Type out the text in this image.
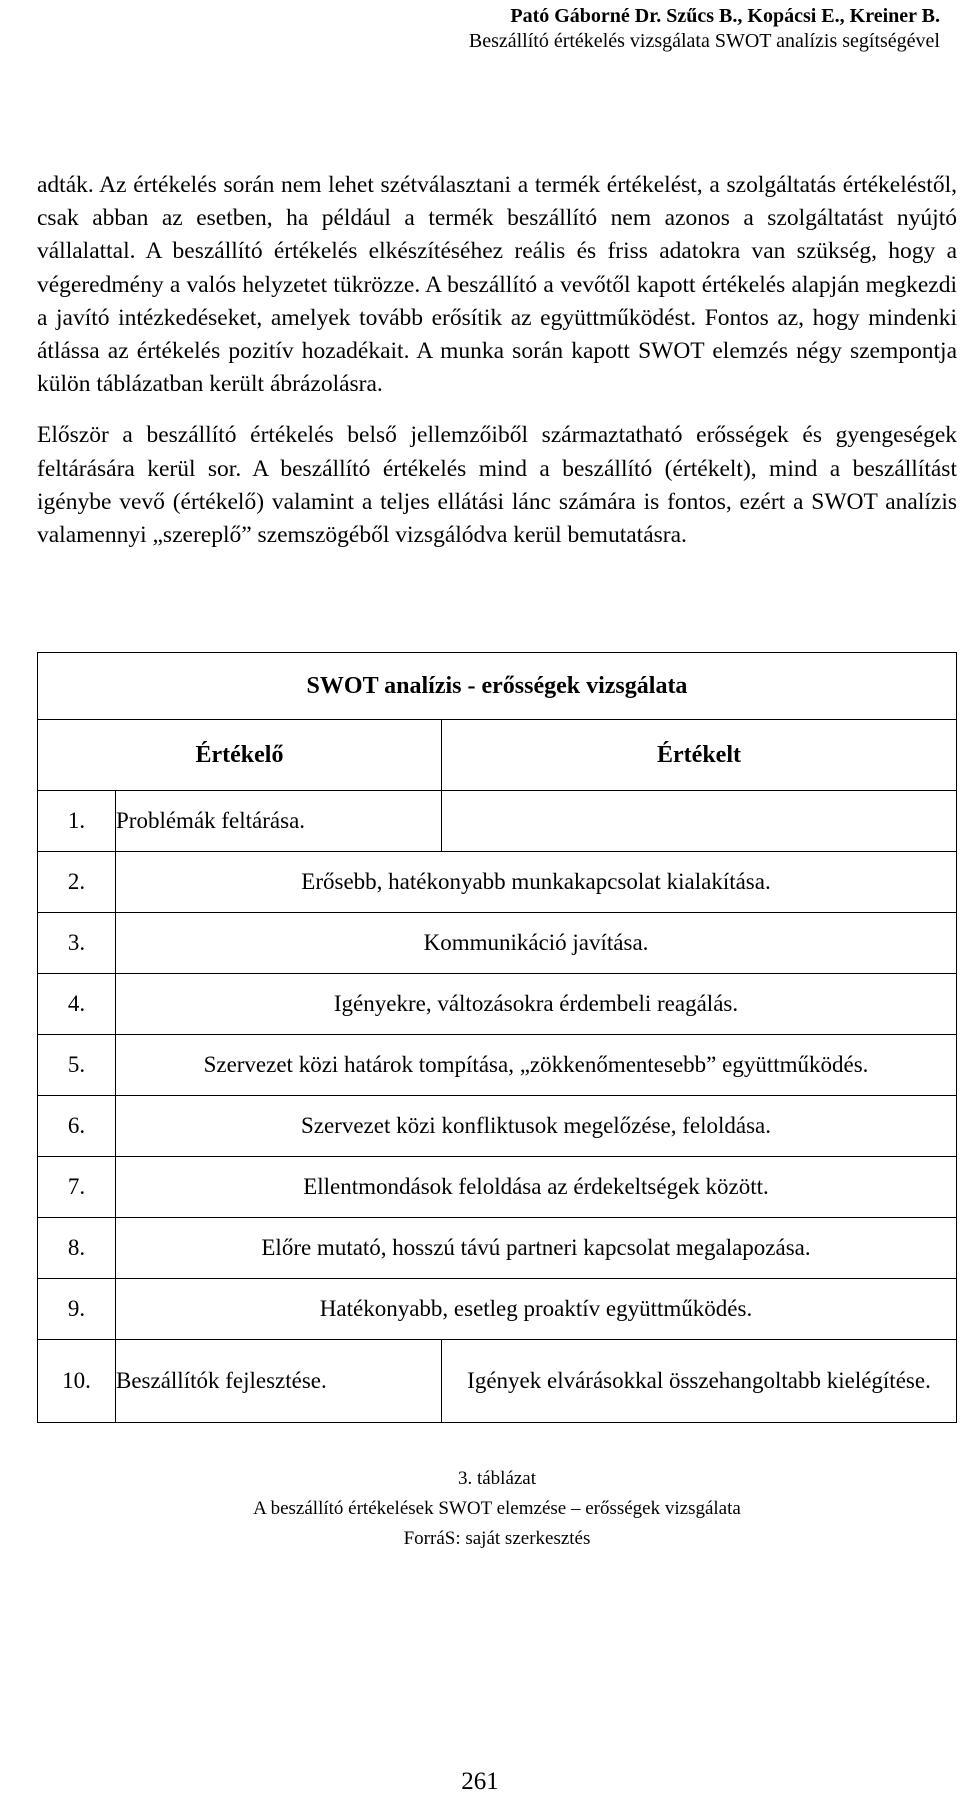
Pató Gáborné Dr. Szűcs B., Kopácsi E., Kreiner B.
Beszállító értékelés vizsgálata SWOT analízis segítségével

adták. Az értékelés során nem lehet szétválasztani a termék értékelést, a szolgáltatás értékeléstől, csak abban az esetben, ha például a termék beszállító nem azonos a szolgáltatást nyújtó vállalattal. A beszállító értékelés elkészítéséhez reális és friss adatokra van szükség, hogy a végeredmény a valós helyzetet tükrözze. A beszállító a vevőtől kapott értékelés alapján megkezdi a javító intézkedéseket, amelyek tovább erősítik az együttműködést. Fontos az, hogy mindenki átlássa az értékelés pozitív hozadékait. A munka során kapott SWOT elemzés négy szempontja külön táblázatban került ábrázolásra.

Először a beszállító értékelés belső jellemzőiből származtatható erősségek és gyengeségek feltárására kerül sor. A beszállító értékelés mind a beszállító (értékelt), mind a beszállítást igénybe vevő (értékelő) valamint a teljes ellátási lánc számára is fontos, ezért a SWOT analízis valamennyi „szereplő” szemszögéből vizsgálódva kerül bemutatásra.

SWOT analízis - erősségek vizsgálata		
Értékelő		Értékelt
1.	Problémák feltárása.	
2.	Erősebb, hatékonyabb munkakapcsolat kialakítása.	
3.	Kommunikáció javítása.	
4.	Igényekre, változásokra érdembeli reagálás.	
5.	Szervezet közi határok tompítása, „zökkenőmentesebb” együttműködés.	
6.	Szervezet közi konfliktusok megelőzése, feloldása.	
7.	Ellentmondások feloldása az érdekeltségek között.	
8.	Előre mutató, hosszú távú partneri kapcsolat megalapozása.	
9.	Hatékonyabb, esetleg proaktív együttműködés.	
10.	Beszállítók fejlesztése.	Igények elvárásokkal összehangoltabb kielégítése.
3. táblázat
A beszállító értékelések SWOT elemzése – erősségek vizsgálata
ForráS: saját szerkesztés
261
